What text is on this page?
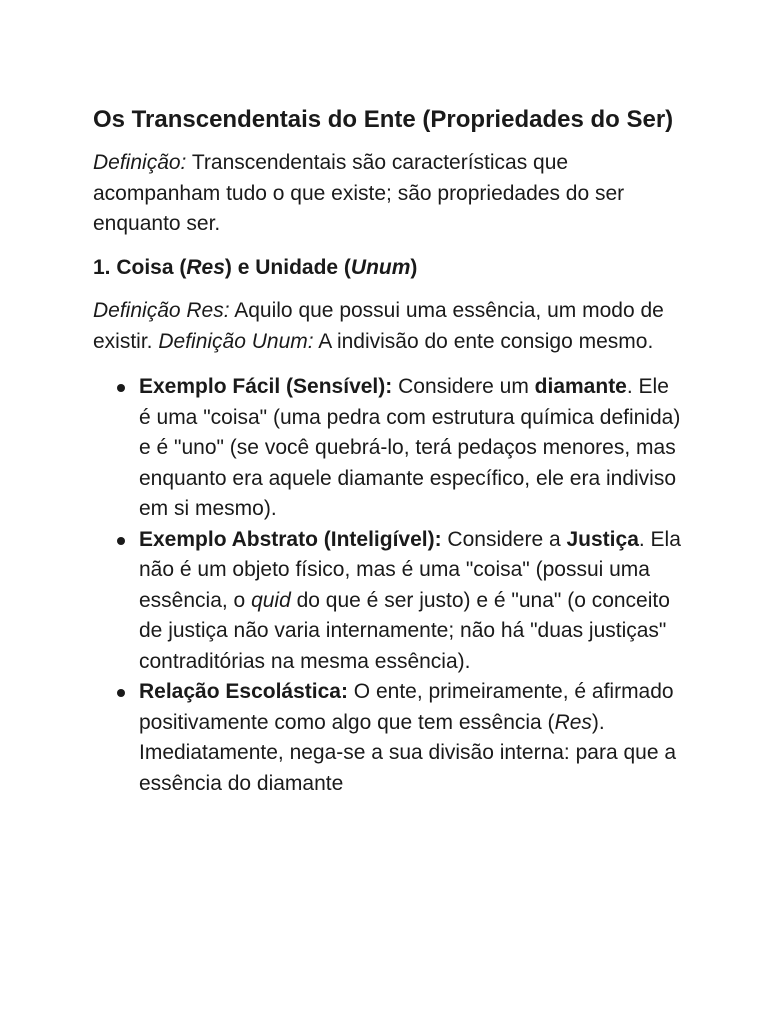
Os Transcendentais do Ente (Propriedades do Ser)

Definição: Transcendentais são características que acompanham tudo o que existe; são propriedades do ser enquanto ser.

1. Coisa (Res) e Unidade (Unum)

Definição Res: Aquilo que possui uma essência, um modo de existir. Definição Unum: A indivisão do ente consigo mesmo.

Exemplo Fácil (Sensível): Considere um diamante. Ele é uma "coisa" (uma pedra com estrutura química definida) e é "uno" (se você quebrá-lo, terá pedaços menores, mas enquanto era aquele diamante específico, ele era indiviso em si mesmo).
Exemplo Abstrato (Inteligível): Considere a Justiça. Ela não é um objeto físico, mas é uma "coisa" (possui uma essência, o quid do que é ser justo) e é "una" (o conceito de justiça não varia internamente; não há "duas justiças" contraditórias na mesma essência).
Relação Escolástica: O ente, primeiramente, é afirmado positivamente como algo que tem essência (Res). Imediatamente, nega-se a sua divisão interna: para que a essência do diamante
